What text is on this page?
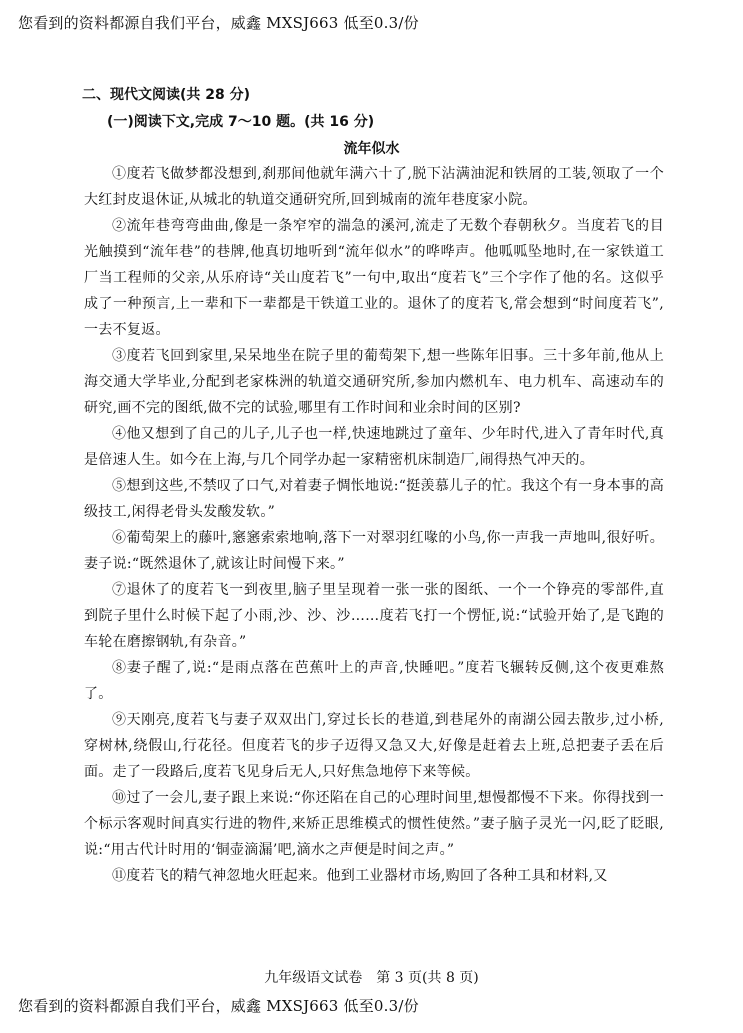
您看到的资料都源自我们平台，威鑫 MXSJ663 低至0.3/份
二、现代文阅读(共 28 分)
(一)阅读下文,完成 7～10 题。(共 16 分)
流年似水

①度若飞做梦都没想到,刹那间他就年满六十了,脱下沾满油泥和铁屑的工装,领取了一个大红封皮退休证,从城北的轨道交通研究所,回到城南的流年巷度家小院。

②流年巷弯弯曲曲,像是一条窄窄的湍急的溪河,流走了无数个春朝秋夕。当度若飞的目光触摸到“流年巷”的巷牌,他真切地听到“流年似水”的哗哗声。他呱呱坠地时,在一家铁道工厂当工程师的父亲,从乐府诗“关山度若飞”一句中,取出“度若飞”三个字作了他的名。这似乎成了一种预言,上一辈和下一辈都是干铁道工业的。退休了的度若飞,常会想到“时间度若飞”,一去不复返。

③度若飞回到家里,呆呆地坐在院子里的葡萄架下,想一些陈年旧事。三十多年前,他从上海交通大学毕业,分配到老家株洲的轨道交通研究所,参加内燃机车、电力机车、高速动车的研究,画不完的图纸,做不完的试验,哪里有工作时间和业余时间的区别?

④他又想到了自己的儿子,儿子也一样,快速地跳过了童年、少年时代,进入了青年时代,真是倍速人生。如今在上海,与几个同学办起一家精密机床制造厂,闹得热气冲天的。

⑤想到这些,不禁叹了口气,对着妻子惆怅地说:“挺羡慕儿子的忙。我这个有一身本事的高级技工,闲得老骨头发酸发软。”

⑥葡萄架上的藤叶,窸窸索索地响,落下一对翠羽红喙的小鸟,你一声我一声地叫,很好听。妻子说:“既然退休了,就该让时间慢下来。”

⑦退休了的度若飞一到夜里,脑子里呈现着一张一张的图纸、一个一个铮亮的零部件,直到院子里什么时候下起了小雨,沙、沙、沙……度若飞打一个愣怔,说:“试验开始了,是飞跑的车轮在磨擦钢轨,有杂音。”

⑧妻子醒了,说:“是雨点落在芭蕉叶上的声音,快睡吧。”度若飞辗转反侧,这个夜更难熬了。

⑨天刚亮,度若飞与妻子双双出门,穿过长长的巷道,到巷尾外的南湖公园去散步,过小桥,穿树林,绕假山,行花径。但度若飞的步子迈得又急又大,好像是赶着去上班,总把妻子丢在后面。走了一段路后,度若飞见身后无人,只好焦急地停下来等候。

⑩过了一会儿,妻子跟上来说:“你还陷在自己的心理时间里,想慢都慢不下来。你得找到一个标示客观时间真实行进的物件,来矫正思维模式的惯性使然。”妻子脑子灵光一闪,眨了眨眼,说:“用古代计时用的‘铜壶滴漏’吧,滴水之声便是时间之声。”

⑪度若飞的精气神忽地火旺起来。他到工业器材市场,购回了各种工具和材料,又

九年级语文试卷　第 3 页(共 8 页)
您看到的资料都源自我们平台，威鑫 MXSJ663 低至0.3/份
